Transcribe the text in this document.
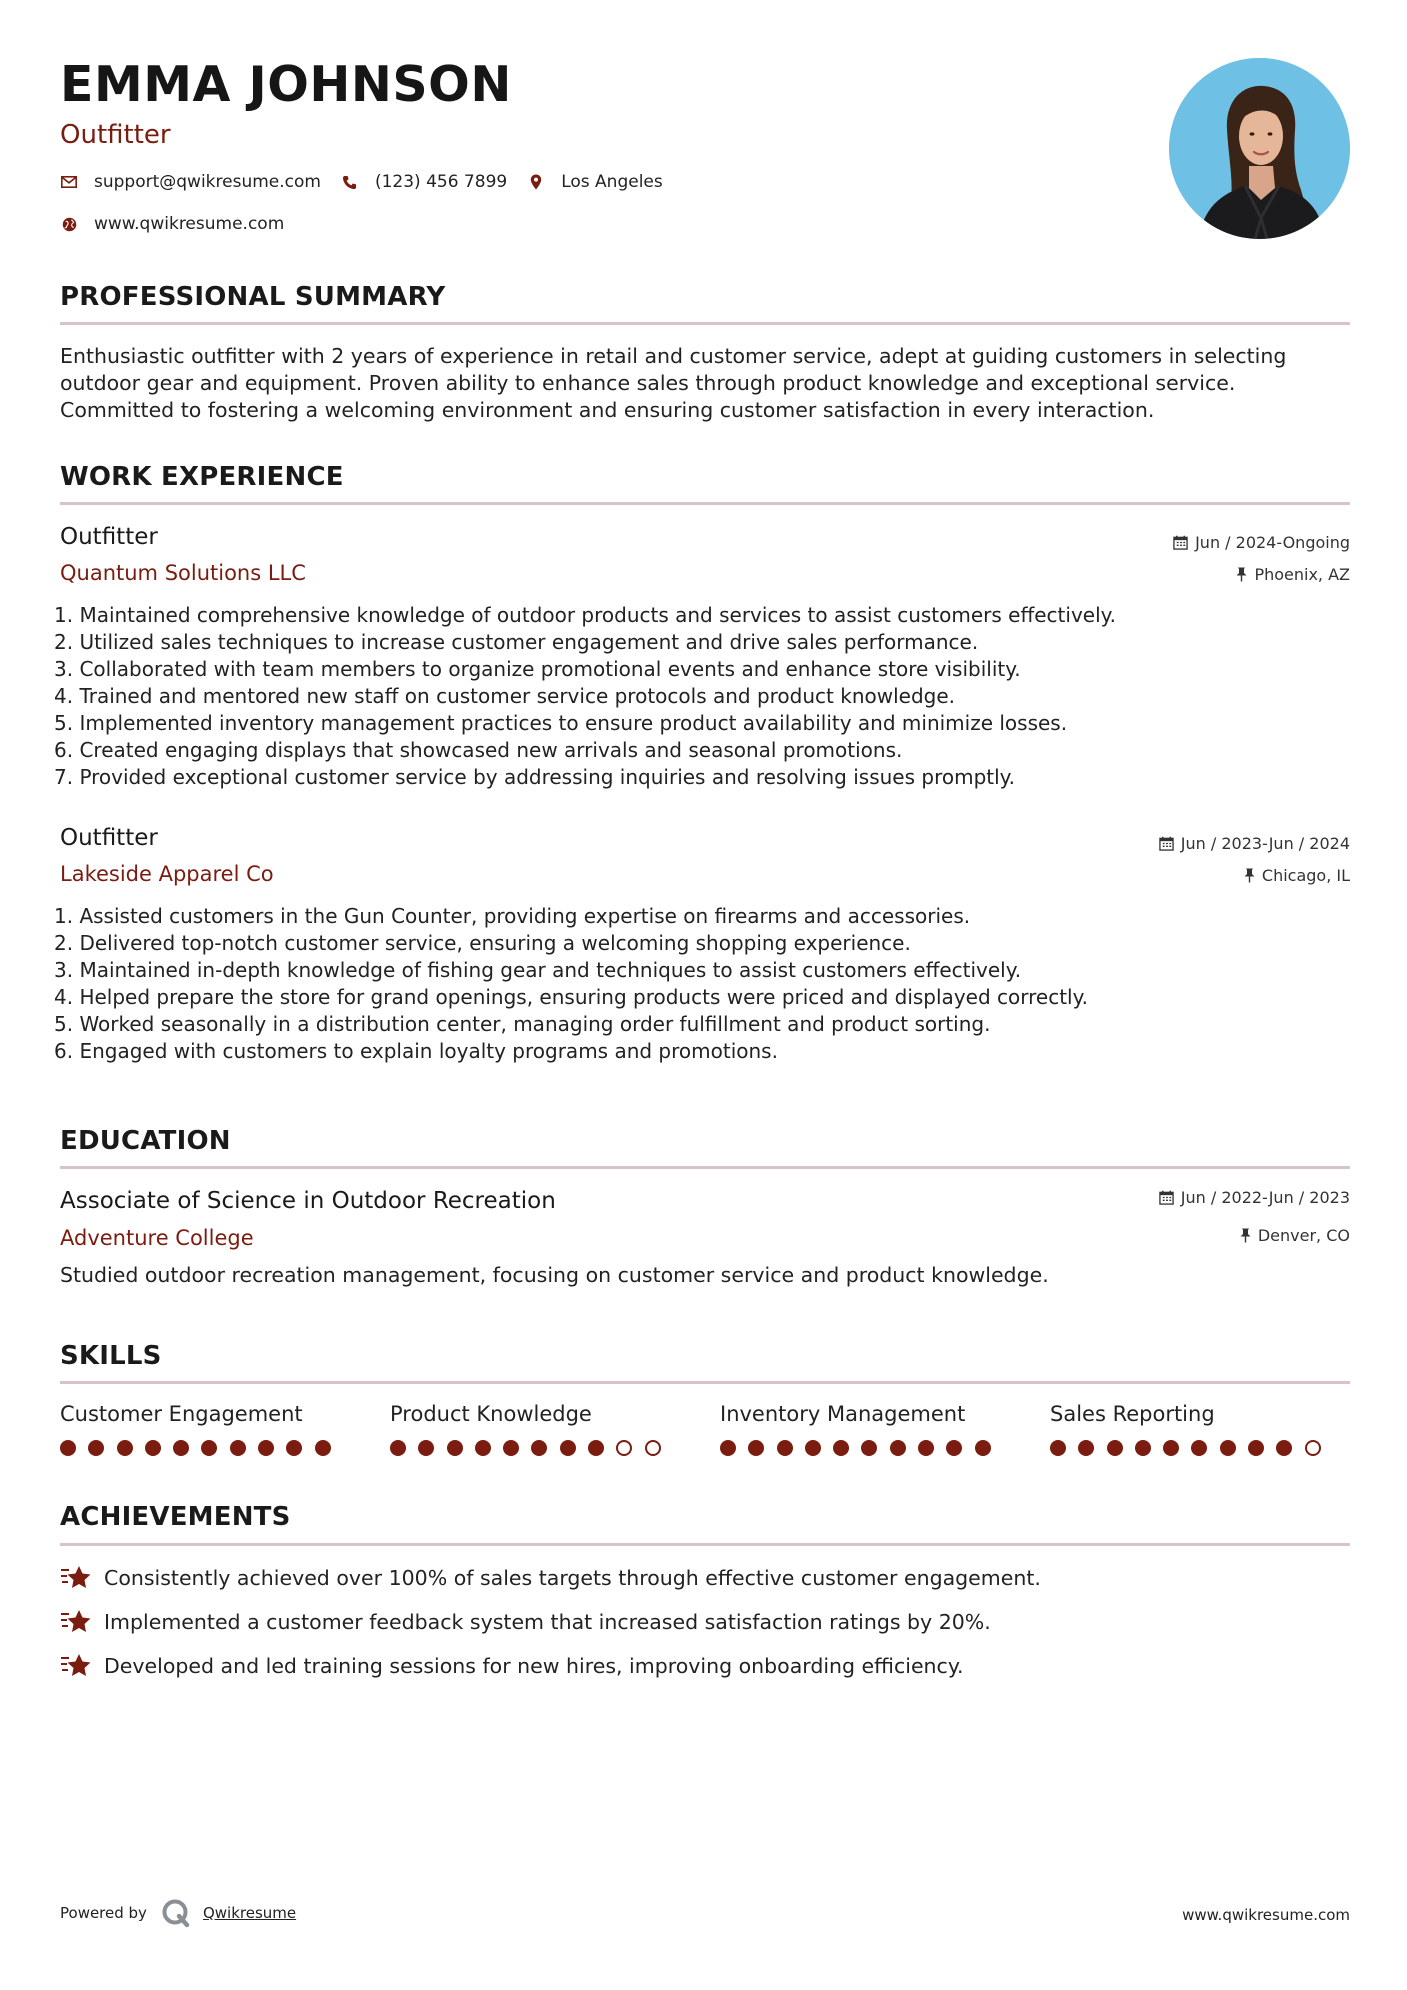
EMMA JOHNSON
Outfitter
support@qwikresume.com	(123) 456 7899	Los Angeles
www.qwikresume.com
PROFESSIONAL SUMMARY
Enthusiastic outfitter with 2 years of experience in retail and customer service, adept at guiding customers in selecting
outdoor gear and equipment. Proven ability to enhance sales through product knowledge and exceptional service.
Committed to fostering a welcoming environment and ensuring customer satisfaction in every interaction.
WORK EXPERIENCE
Outfitter
Quantum Solutions LLC
Jun / 2024-Ongoing
Phoenix, AZ
1. Maintained comprehensive knowledge of outdoor products and services to assist customers effectively.
2. Utilized sales techniques to increase customer engagement and drive sales performance.
3. Collaborated with team members to organize promotional events and enhance store visibility.
4. Trained and mentored new staff on customer service protocols and product knowledge.
5. Implemented inventory management practices to ensure product availability and minimize losses.
6. Created engaging displays that showcased new arrivals and seasonal promotions.
7. Provided exceptional customer service by addressing inquiries and resolving issues promptly.
Outfitter
Lakeside Apparel Co
Jun / 2023-Jun / 2024
Chicago, IL
1. Assisted customers in the Gun Counter, providing expertise on firearms and accessories.
2. Delivered top-notch customer service, ensuring a welcoming shopping experience.
3. Maintained in-depth knowledge of fishing gear and techniques to assist customers effectively.
4. Helped prepare the store for grand openings, ensuring products were priced and displayed correctly.
5. Worked seasonally in a distribution center, managing order fulfillment and product sorting.
6. Engaged with customers to explain loyalty programs and promotions.
EDUCATION
Associate of Science in Outdoor Recreation
Adventure College
Jun / 2022-Jun / 2023
Denver, CO
Studied outdoor recreation management, focusing on customer service and product knowledge.
SKILLS
Customer Engagement	Product Knowledge	Inventory Management	Sales Reporting
ACHIEVEMENTS
Consistently achieved over 100% of sales targets through effective customer engagement.
Implemented a customer feedback system that increased satisfaction ratings by 20%.
Developed and led training sessions for new hires, improving onboarding efficiency.
Powered by	Qwikresume	www.qwikresume.com
